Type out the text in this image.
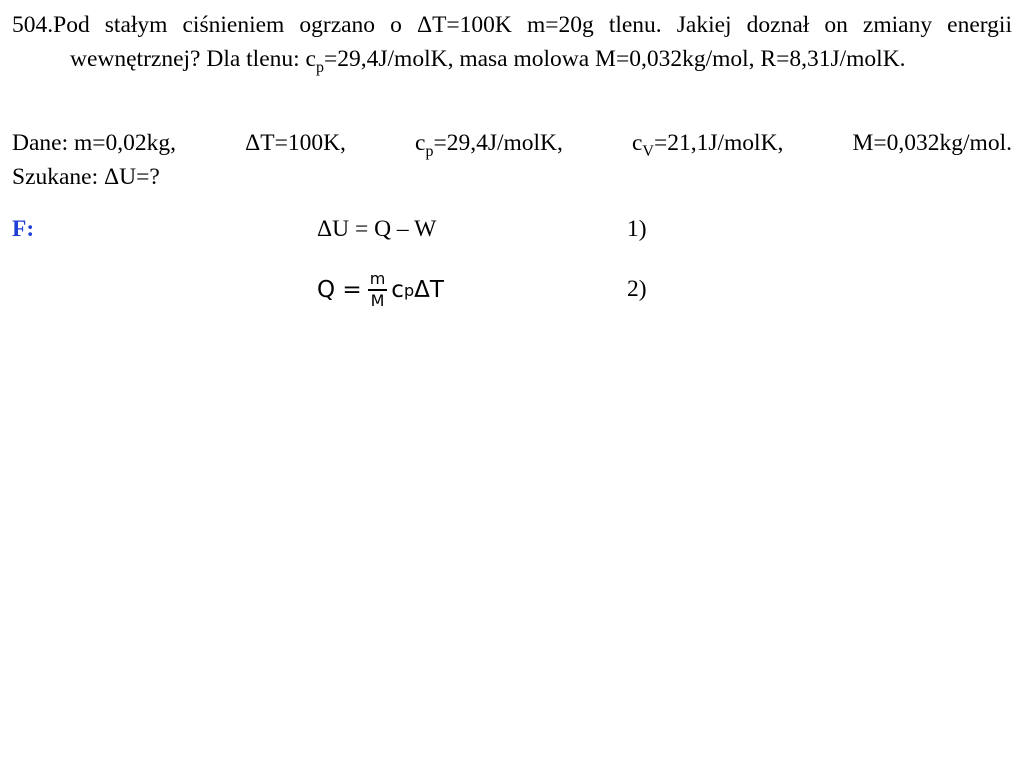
504.Pod stałym ciśnieniem ogrzano o ΔT=100K m=20g tlenu. Jakiej doznał on zmiany energii wewnętrznej? Dla tlenu: $c_p=29,4J$/molK, masa molowa M=0,032kg/mol, R=8,31J/molK.
Dane: m=0,02kg,	ΔT=100K,	$c_p=29,4J$/molK,	$c_V=21,1J$/molK,	M=0,032kg/mol.
Szukane: ΔU=?
F:	ΔU = Q – W	1)
$Q = \frac{m}{M}$ c p ΔT	2)
